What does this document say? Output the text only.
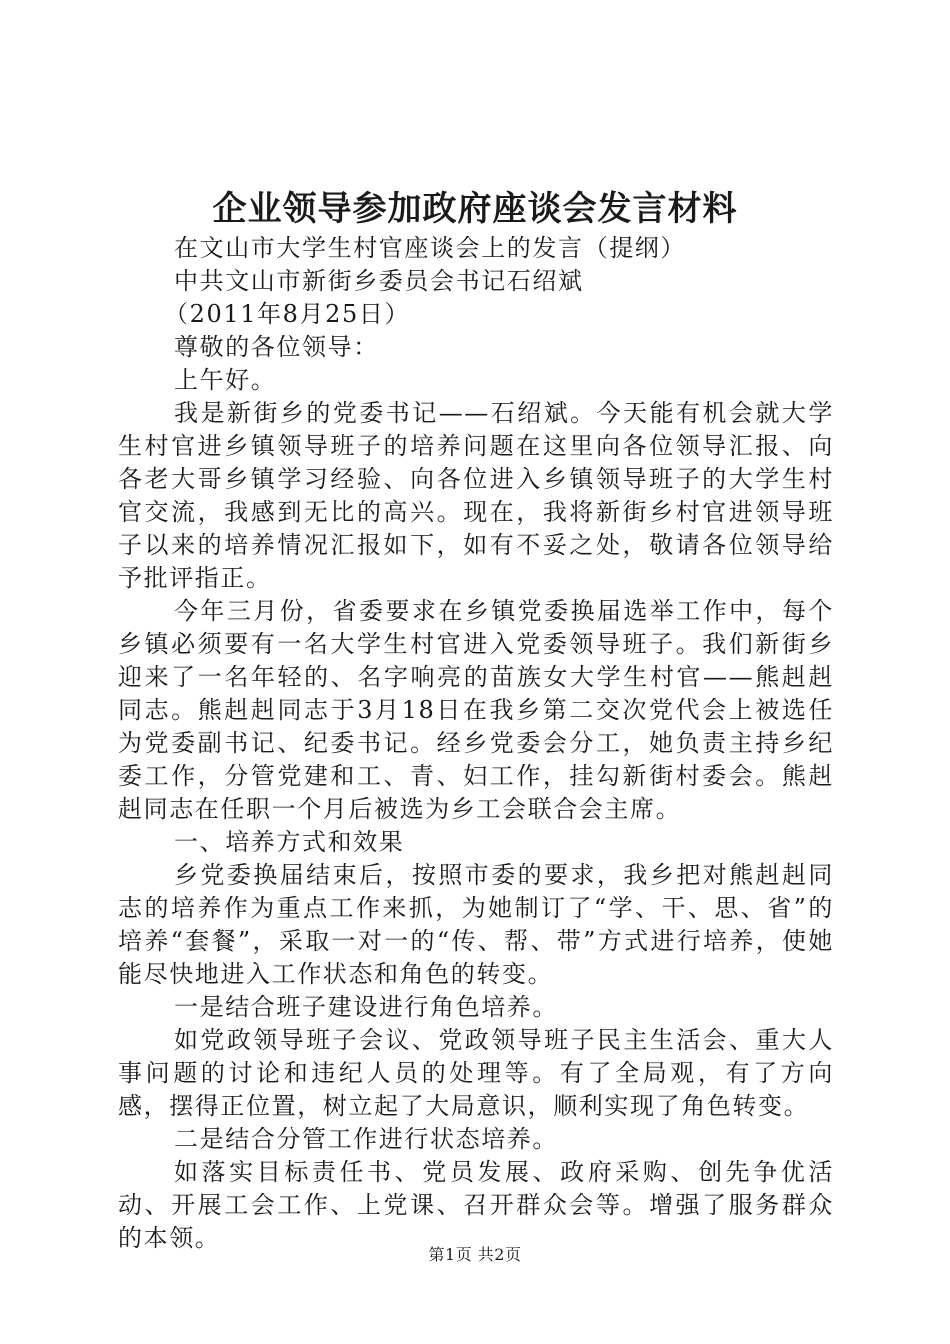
企业领导参加政府座谈会发言材料

在文山市大学生村官座谈会上的发言（提纲）

中共文山市新街乡委员会书记石绍斌

（2011年8月25日）

尊敬的各位领导：

上午好。

我是新街乡的党委书记——石绍斌。今天能有机会就大学生村官进乡镇领导班子的培养问题在这里向各位领导汇报、向各老大哥乡镇学习经验、向各位进入乡镇领导班子的大学生村官交流，我感到无比的高兴。现在，我将新街乡村官进领导班子以来的培养情况汇报如下，如有不妥之处，敬请各位领导给予批评指正。

今年三月份，省委要求在乡镇党委换届选举工作中，每个乡镇必须要有一名大学生村官进入党委领导班子。我们新街乡迎来了一名年轻的、名字响亮的苗族女大学生村官——熊赳赳同志。熊赳赳同志于3月18日在我乡第二交次党代会上被选任为党委副书记、纪委书记。经乡党委会分工，她负责主持乡纪委工作，分管党建和工、青、妇工作，挂勾新街村委会。熊赳赳同志在任职一个月后被选为乡工会联合会主席。

一、培养方式和效果

乡党委换届结束后，按照市委的要求，我乡把对熊赳赳同志的培养作为重点工作来抓，为她制订了“学、干、思、省”的培养“套餐”，采取一对一的“传、帮、带”方式进行培养，使她能尽快地进入工作状态和角色的转变。

一是结合班子建设进行角色培养。

如党政领导班子会议、党政领导班子民主生活会、重大人事问题的讨论和违纪人员的处理等。有了全局观，有了方向感，摆得正位置，树立起了大局意识，顺利实现了角色转变。

二是结合分管工作进行状态培养。

如落实目标责任书、党员发展、政府采购、创先争优活动、开展工会工作、上党课、召开群众会等。增强了服务群众的本领。

第1页 共2页
